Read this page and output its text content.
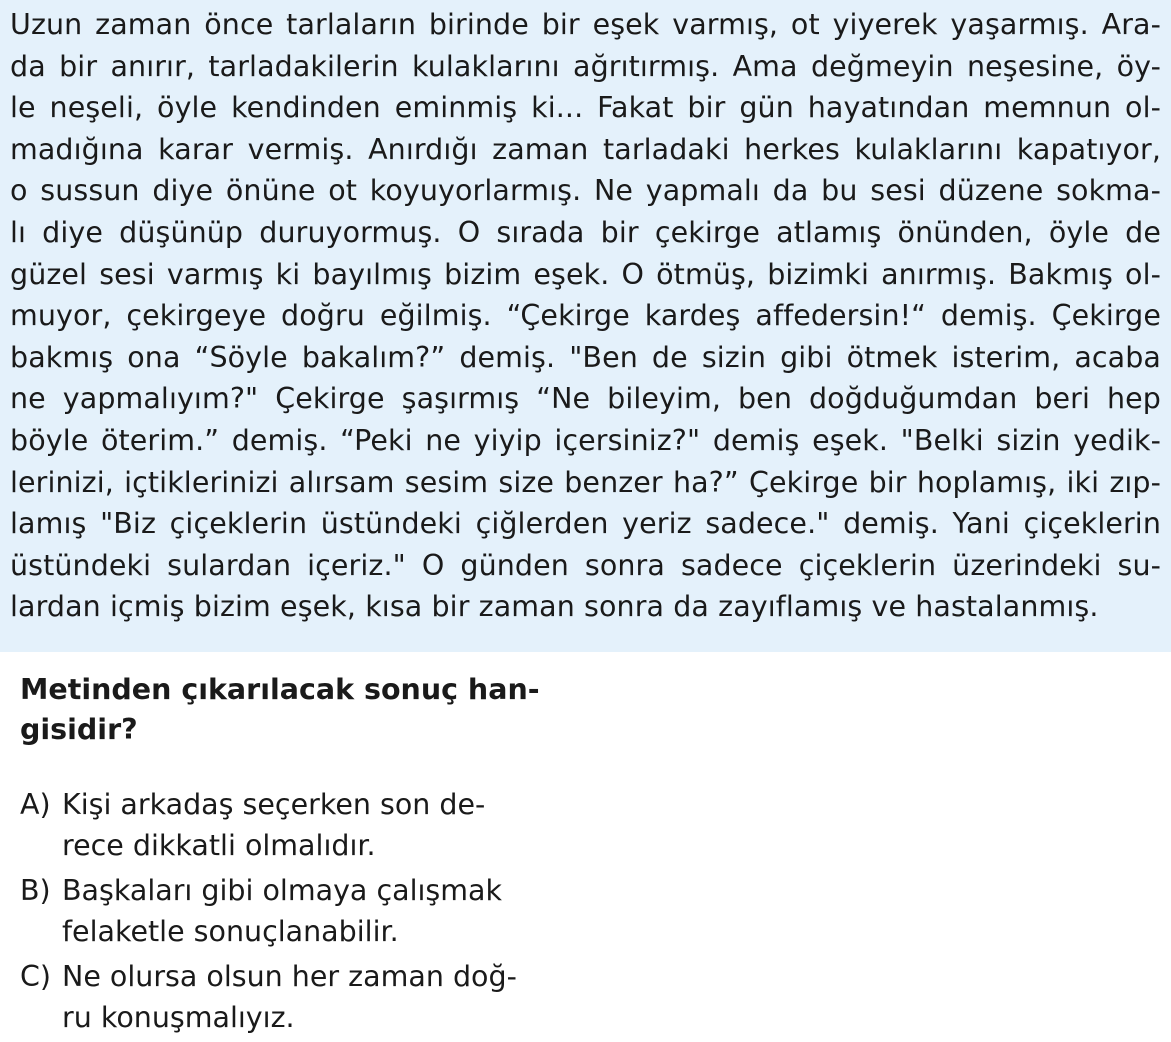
Uzun zaman önce tarlaların birinde bir eşek varmış, ot yiyerek yaşarmış. Ara-
da bir anırır, tarladakilerin kulaklarını ağrıtırmış. Ama değmeyin neşesine, öy-
le neşeli, öyle kendinden eminmiş ki... Fakat bir gün hayatından memnun ol-
madığına karar vermiş. Anırdığı zaman tarladaki herkes kulaklarını kapatıyor,
o sussun diye önüne ot koyuyorlarmış. Ne yapmalı da bu sesi düzene sokma-
lı diye düşünüp duruyormuş. O sırada bir çekirge atlamış önünden, öyle de
güzel sesi varmış ki bayılmış bizim eşek. O ötmüş, bizimki anırmış. Bakmış ol-
muyor, çekirgeye doğru eğilmiş. “Çekirge kardeş affedersin!“ demiş. Çekirge
bakmış ona “Söyle bakalım?” demiş. "Ben de sizin gibi ötmek isterim, acaba
ne yapmalıyım?" Çekirge şaşırmış “Ne bileyim, ben doğduğumdan beri hep
böyle öterim.” demiş. “Peki ne yiyip içersiniz?" demiş eşek. "Belki sizin yedik-
lerinizi, içtiklerinizi alırsam sesim size benzer ha?” Çekirge bir hoplamış, iki zıp-
lamış "Biz çiçeklerin üstündeki çiğlerden yeriz sadece." demiş. Yani çiçeklerin
üstündeki sulardan içeriz." O günden sonra sadece çiçeklerin üzerindeki su-
lardan içmiş bizim eşek, kısa bir zaman sonra da zayıflamış ve hastalanmış.
Metinden çıkarılacak sonuç han-
gisidir?
A) Kişi arkadaş seçerken son de-
rece dikkatli olmalıdır.
B) Başkaları gibi olmaya çalışmak
felaketle sonuçlanabilir.
C) Ne olursa olsun her zaman doğ-
ru konuşmalıyız.
